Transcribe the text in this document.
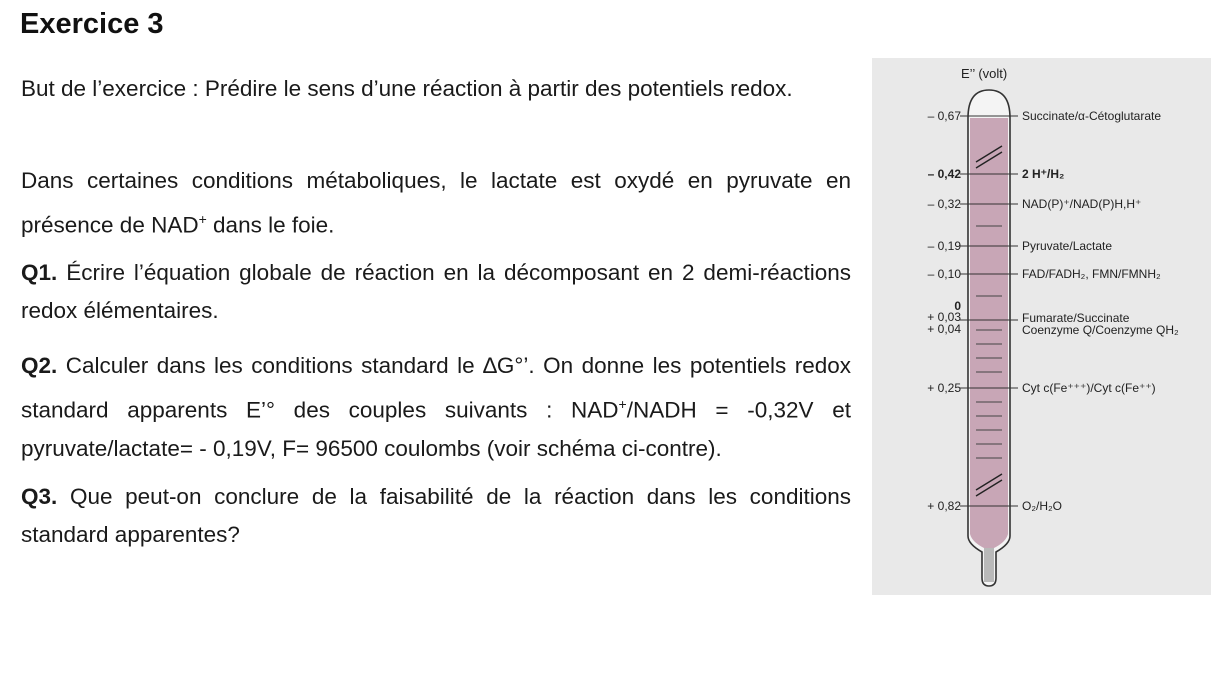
Exercice 3

But de l’exercice : Prédire le sens d’une réaction à partir des potentiels redox.

Dans certaines conditions métaboliques, le lactate est oxydé en pyruvate en présence de NAD+ dans le foie.

Q1. Écrire l’équation globale de réaction en la décomposant en 2 demi-réactions redox élémentaires.

Q2. Calculer dans les conditions standard le ∆G°’. On donne les potentiels redox standard apparents E’° des couples suivants : NAD+/NADH = -0,32V et pyruvate/lactate= - 0,19V, F= 96500 coulombs (voir schéma ci-contre).

Q3. Que peut-on conclure de la faisabilité de la réaction dans les conditions standard apparentes?

E’’ (volt)
– 0,67
– 0,42
– 0,32
– 0,19
– 0,10
0
+ 0,03
+ 0,04
+ 0,25
+ 0,82
Succinate/α-Cétoglutarate
2 H⁺/H₂
NAD(P)⁺/NAD(P)H,H⁺
Pyruvate/Lactate
FAD/FADH₂, FMN/FMNH₂
Fumarate/Succinate
Coenzyme Q/Coenzyme QH₂
Cyt c(Fe⁺⁺⁺)/Cyt c(Fe⁺⁺)
O₂/H₂O
